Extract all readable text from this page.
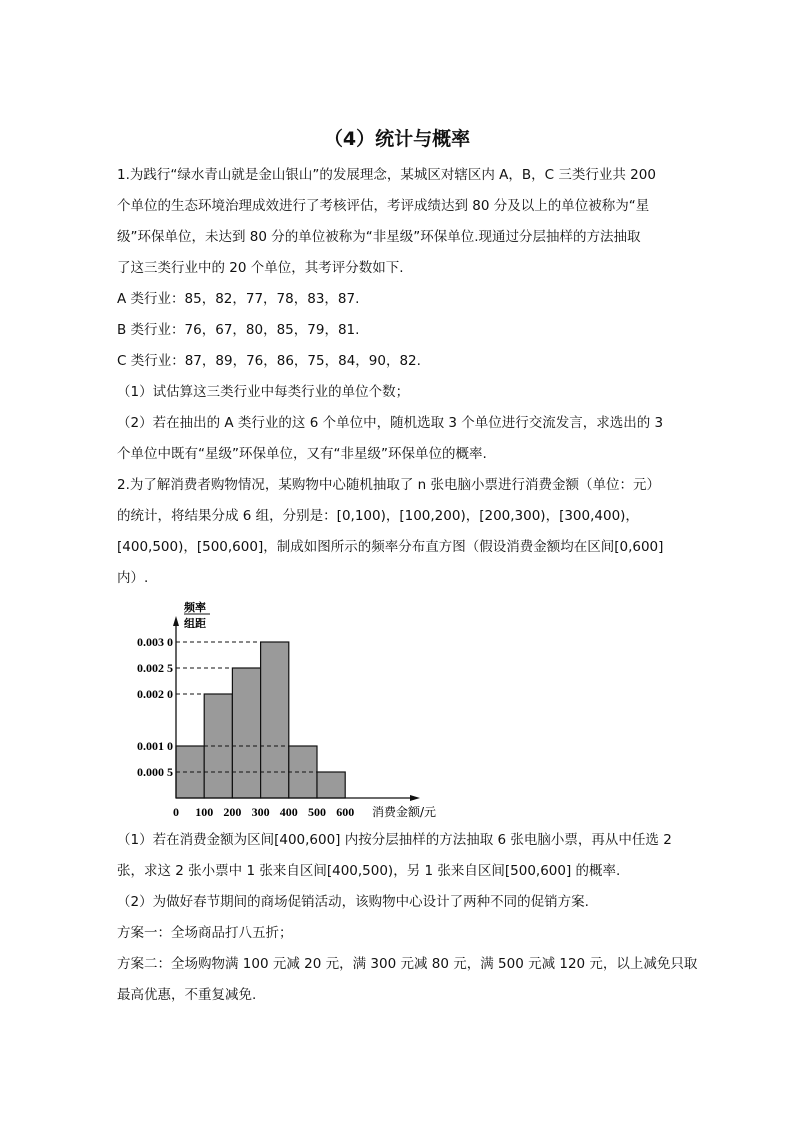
（4）统计与概率
1.为践行“绿水青山就是金山银山”的发展理念，某城区对辖区内 A，B，C 三类行业共 200
个单位的生态环境治理成效进行了考核评估，考评成绩达到 80 分及以上的单位被称为“星
级”环保单位，未达到 80 分的单位被称为“非星级”环保单位.现通过分层抽样的方法抽取
了这三类行业中的 20 个单位，其考评分数如下.
A 类行业：85，82，77，78，83，87.
B 类行业：76，67，80，85，79，81.
C 类行业：87，89，76，86，75，84，90，82.
（1）试估算这三类行业中每类行业的单位个数；
（2）若在抽出的 A 类行业的这 6 个单位中，随机选取 3 个单位进行交流发言，求选出的 3
个单位中既有“星级”环保单位，又有“非星级”环保单位的概率.
2.为了解消费者购物情况，某购物中心随机抽取了 n 张电脑小票进行消费金额（单位：元）
的统计，将结果分成 6 组，分别是：[0,100)，[100,200)，[200,300)，[300,400)，
[400,500)，[500,600]，制成如图所示的频率分布直方图（假设消费金额均在区间[0,600]
内）.
0.000 5
0.001 0
0.002 0
0.002 5
0.003 0
0 100 200 300 400 500 600 消费金额/元
频率
组距
（1）若在消费金额为区间[400,600] 内按分层抽样的方法抽取 6 张电脑小票，再从中任选 2
张，求这 2 张小票中 1 张来自区间[400,500)，另 1 张来自区间[500,600] 的概率.
（2）为做好春节期间的商场促销活动，该购物中心设计了两种不同的促销方案.
方案一：全场商品打八五折；
方案二：全场购物满 100 元减 20 元，满 300 元减 80 元，满 500 元减 120 元，以上减免只取
最高优惠，不重复减免.
